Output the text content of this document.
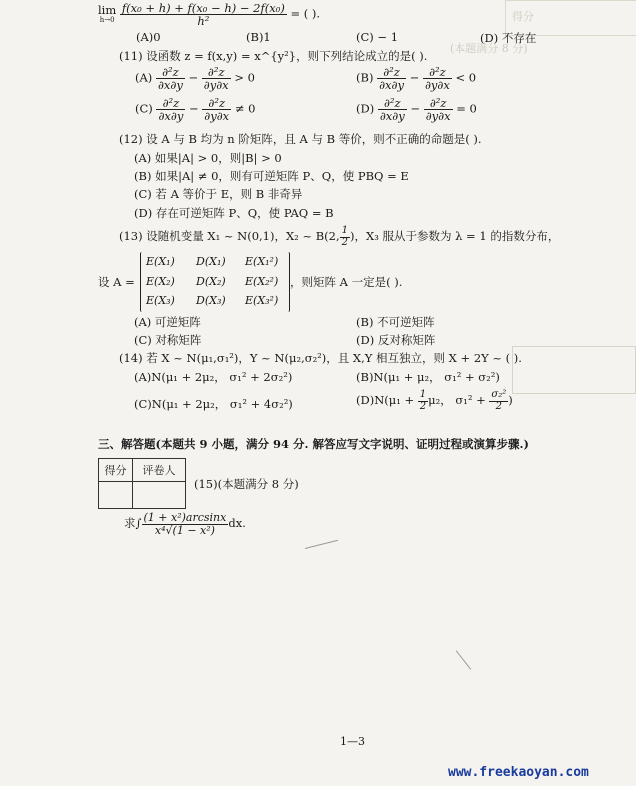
得分
(本题满分 8 分)
lim
h→0
$\frac{\text{f(x₀ + h) + f(x₀ − h) − 2f(x₀)}}{\text{h²}}$ = ( ).
(A)0	(B)1	(C) − 1	(D) 不存在
(11) 设函数 z = f(x,y) = x^{y²}，则下列结论成立的是( ).
$(A) \frac{\text{∂²z}}{\partial x\partial y} - \frac{\text{∂²z}}{\partial y\partial x} > 0$	$(B) \frac{\text{∂²z}}{\partial x\partial y} - \frac{\text{∂²z}}{\partial y\partial x} < 0$
$(C) \frac{\text{∂²z}}{\partial x\partial y} - \frac{\text{∂²z}}{\partial y\partial x} \ne 0$	$(D) \frac{\text{∂²z}}{\partial x\partial y} - \frac{\text{∂²z}}{\partial y\partial x} = 0$
(12) 设 A 与 B 均为 n 阶矩阵，且 A 与 B 等价，则不正确的命题是( ).
(A) 如果|A| > 0，则|B| > 0
(B) 如果|A| ≠ 0，则有可逆矩阵 P、Q，使 PBQ = E
(C) 若 A 等价于 E，则 B 非奇异
(D) 存在可逆矩阵 P、Q，使 PAQ = B
(13) 设随机变量 X₁ ~ N(0,1)，X₂ ~ B(2, $\frac{1}{2}$ )，X₃ 服从于参数为 λ = 1 的指数分布，
设 A =
E(X₁) D(X₁) E(X₁²)
E(X₂) D(X₂) E(X₂²)
E(X₃) D(X₃) E(X₃²)
，则矩阵 A 一定是( ).
(A) 可逆矩阵	(B) 不可逆矩阵
(C) 对称矩阵	(D) 反对称矩阵
(14) 若 X ~ N(μ₁,σ₁²)，Y ~ N(μ₂,σ₂²)，且 X,Y 相互独立，则 X + 2Y ~ ( ).
(A)N(μ₁ + 2μ₂， σ₁² + 2σ₂²)	(B)N(μ₁ + μ₂， σ₁² + σ₂²)
(C)N(μ₁ + 2μ₂， σ₁² + 4σ₂²)	$(D)N(\mu_1 + \frac{1}{2} \mu_2$， $\sigma_1^2 + \frac{\text{σ₂²}}{2}$ )
三、解答题(本题共 9 小题，满分 94 分. 解答应写文字说明、证明过程或演算步骤.)
得分	评卷人

(15)(本题满分 8 分)
求∫ $\frac{\text{(1 + x²)arcsinx}}{\text{x⁴√(1 − x²)}}$ dx.
1—3
www.freekaoyan.com
